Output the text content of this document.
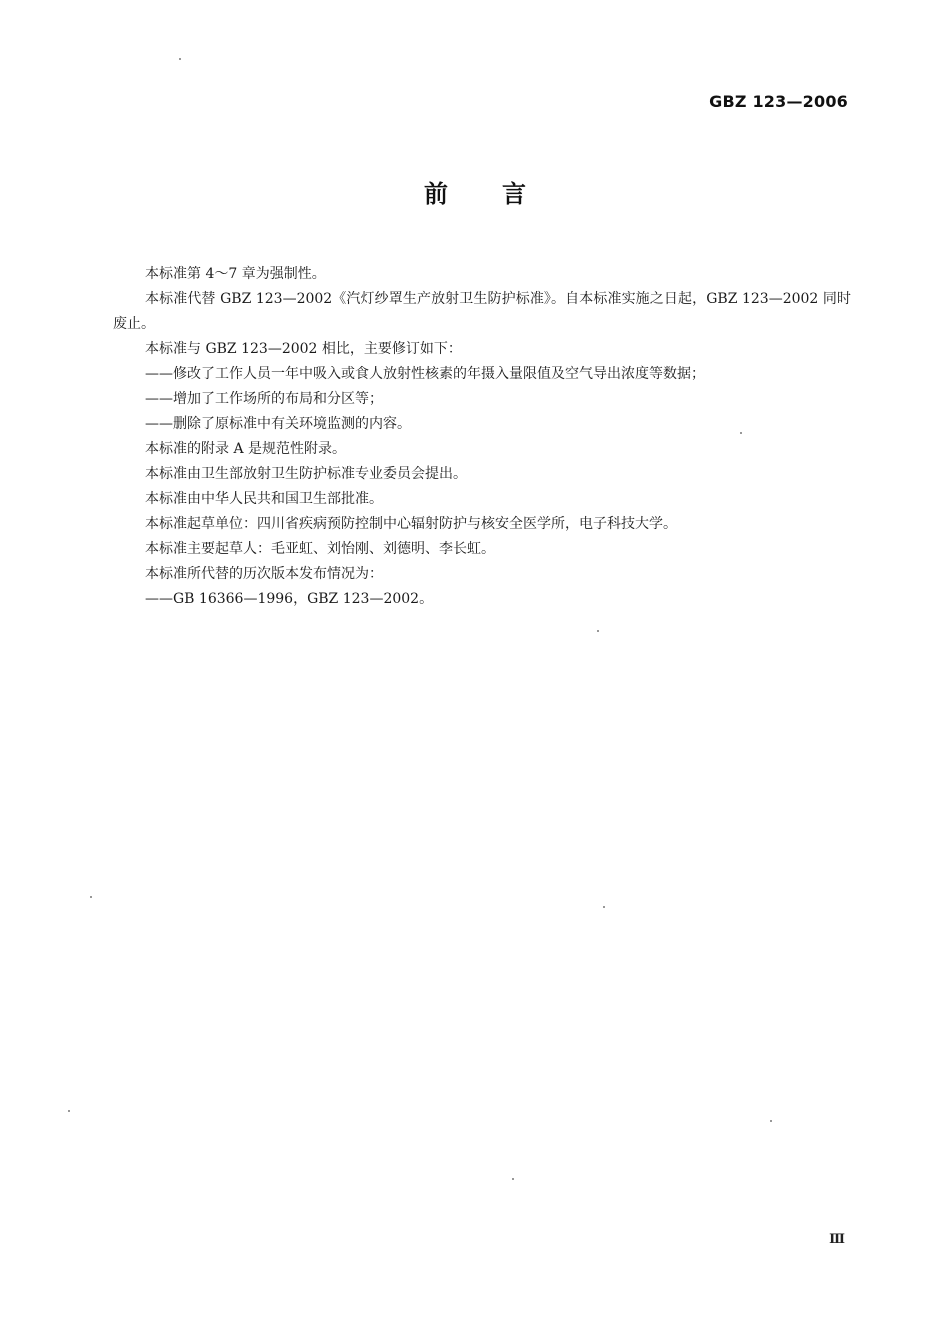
GBZ 123—2006
前言

本标准第 4～7 章为强制性。

本标准代替 GBZ 123—2002《汽灯纱罩生产放射卫生防护标准》。自本标准实施之日起，GBZ 123—2002 同时废止。

本标准与 GBZ 123—2002 相比，主要修订如下：

——修改了工作人员一年中吸入或食人放射性核素的年摄入量限值及空气导出浓度等数据；

——增加了工作场所的布局和分区等；

——删除了原标准中有关环境监测的内容。

本标准的附录 A 是规范性附录。

本标准由卫生部放射卫生防护标准专业委员会提出。

本标准由中华人民共和国卫生部批准。

本标准起草单位：四川省疾病预防控制中心辐射防护与核安全医学所，电子科技大学。

本标准主要起草人：毛亚虹、刘怡刚、刘德明、李长虹。

本标准所代替的历次版本发布情况为：

——GB 16366—1996，GBZ 123—2002。

Ⅲ
